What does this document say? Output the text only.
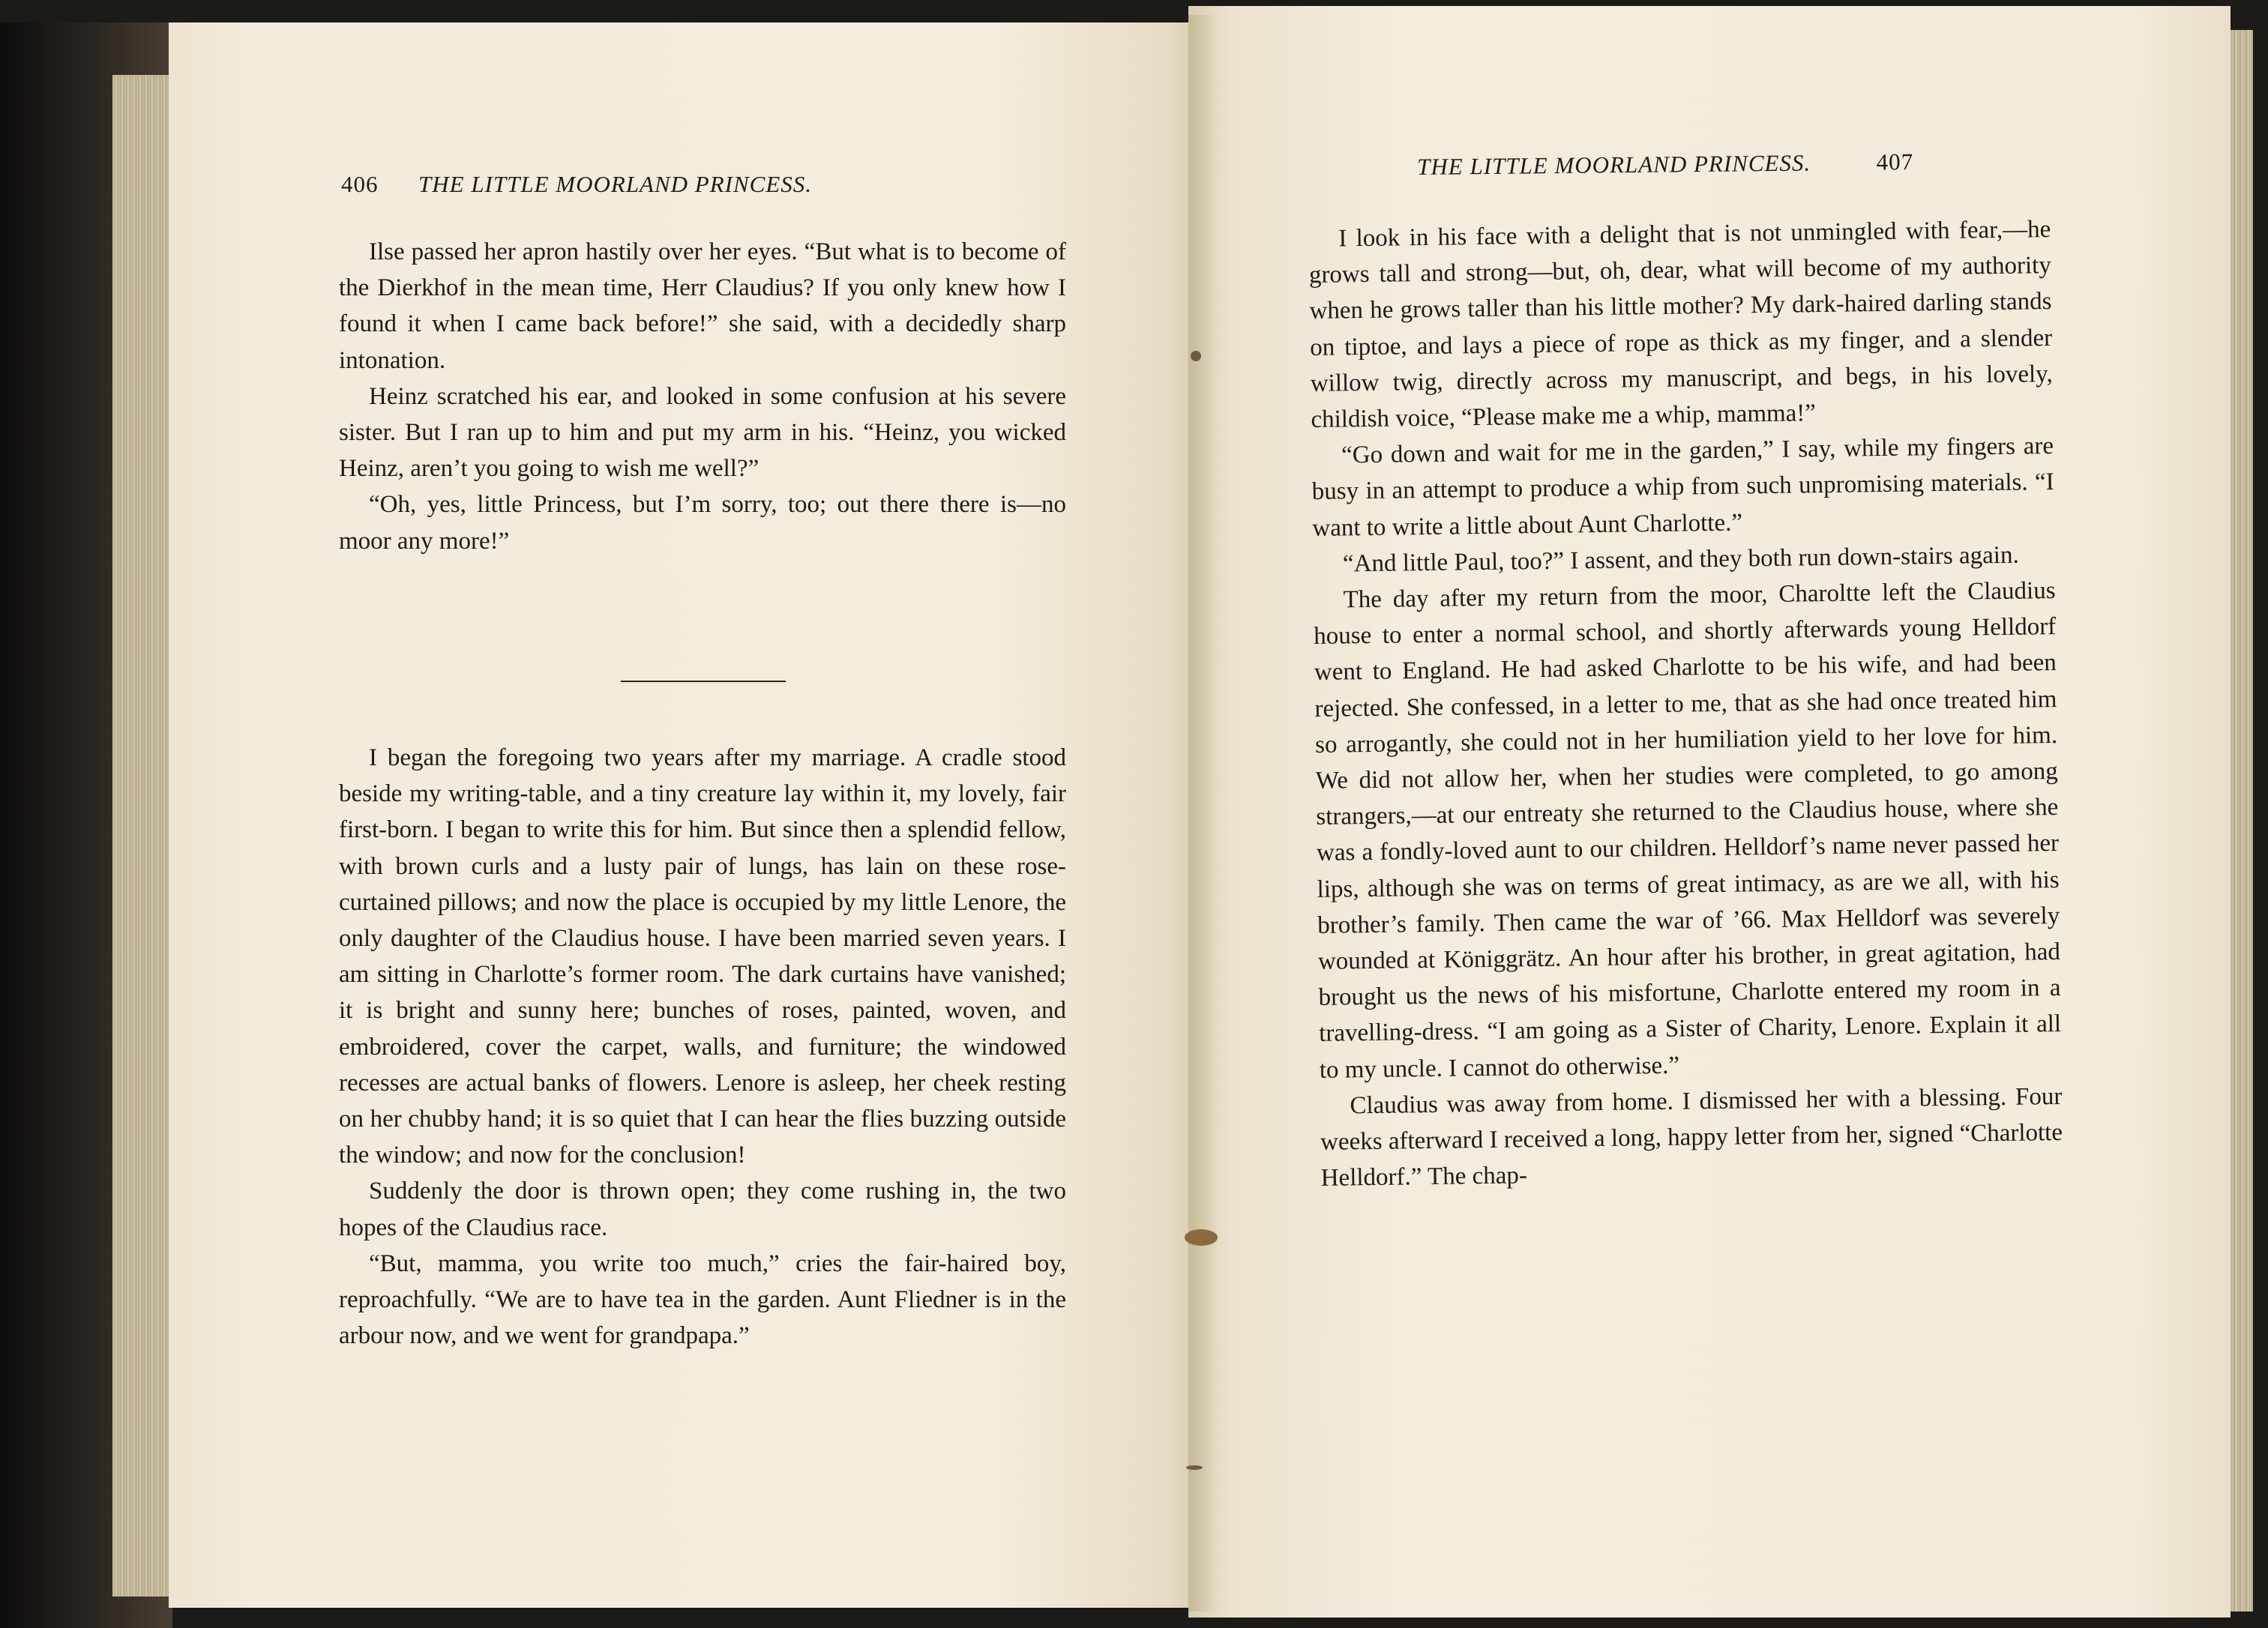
406 THE LITTLE MOORLAND PRINCESS.

Ilse passed her apron hastily over her eyes. “But what is to become of the Dierkhof in the mean time, Herr Claudius? If you only knew how I found it when I came back before!” she said, with a decidedly sharp intonation.

Heinz scratched his ear, and looked in some confusion at his severe sister. But I ran up to him and put my arm in his. “Heinz, you wicked Heinz, aren’t you going to wish me well?”

“Oh, yes, little Princess, but I’m sorry, too; out there there is—no moor any more!”

I began the foregoing two years after my marriage. A cradle stood beside my writing-table, and a tiny creature lay within it, my lovely, fair first-born. I began to write this for him. But since then a splendid fellow, with brown curls and a lusty pair of lungs, has lain on these rose-curtained pillows; and now the place is occupied by my little Lenore, the only daughter of the Claudius house. I have been married seven years. I am sitting in Charlotte’s former room. The dark curtains have vanished; it is bright and sunny here; bunches of roses, painted, woven, and embroidered, cover the carpet, walls, and furniture; the windowed recesses are actual banks of flowers. Lenore is asleep, her cheek resting on her chubby hand; it is so quiet that I can hear the flies buzzing outside the window; and now for the conclusion!

Suddenly the door is thrown open; they come rushing in, the two hopes of the Claudius race.

“But, mamma, you write too much,” cries the fair-haired boy, reproachfully. “We are to have tea in the garden. Aunt Fliedner is in the arbour now, and we went for grandpapa.”

THE LITTLE MOORLAND PRINCESS.	407

I look in his face with a delight that is not unmingled with fear,—he grows tall and strong—but, oh, dear, what will become of my authority when he grows taller than his little mother? My dark-haired darling stands on tiptoe, and lays a piece of rope as thick as my finger, and a slender willow twig, directly across my manuscript, and begs, in his lovely, childish voice, “Please make me a whip, mamma!”

“Go down and wait for me in the garden,” I say, while my fingers are busy in an attempt to produce a whip from such unpromising materials. “I want to write a little about Aunt Charlotte.”

“And little Paul, too?” I assent, and they both run down-stairs again.

The day after my return from the moor, Charoltte left the Claudius house to enter a normal school, and shortly afterwards young Helldorf went to England. He had asked Charlotte to be his wife, and had been rejected. She confessed, in a letter to me, that as she had once treated him so arrogantly, she could not in her humiliation yield to her love for him. We did not allow her, when her studies were completed, to go among strangers,—at our entreaty she returned to the Claudius house, where she was a fondly-loved aunt to our children. Helldorf’s name never passed her lips, although she was on terms of great intimacy, as are we all, with his brother’s family. Then came the war of ’66. Max Helldorf was severely wounded at Königgrätz. An hour after his brother, in great agitation, had brought us the news of his misfortune, Charlotte entered my room in a travelling-dress. “I am going as a Sister of Charity, Lenore. Explain it all to my uncle. I cannot do otherwise.”

Claudius was away from home. I dismissed her with a blessing. Four weeks afterward I received a long, happy letter from her, signed “Charlotte Helldorf.” The chap-
